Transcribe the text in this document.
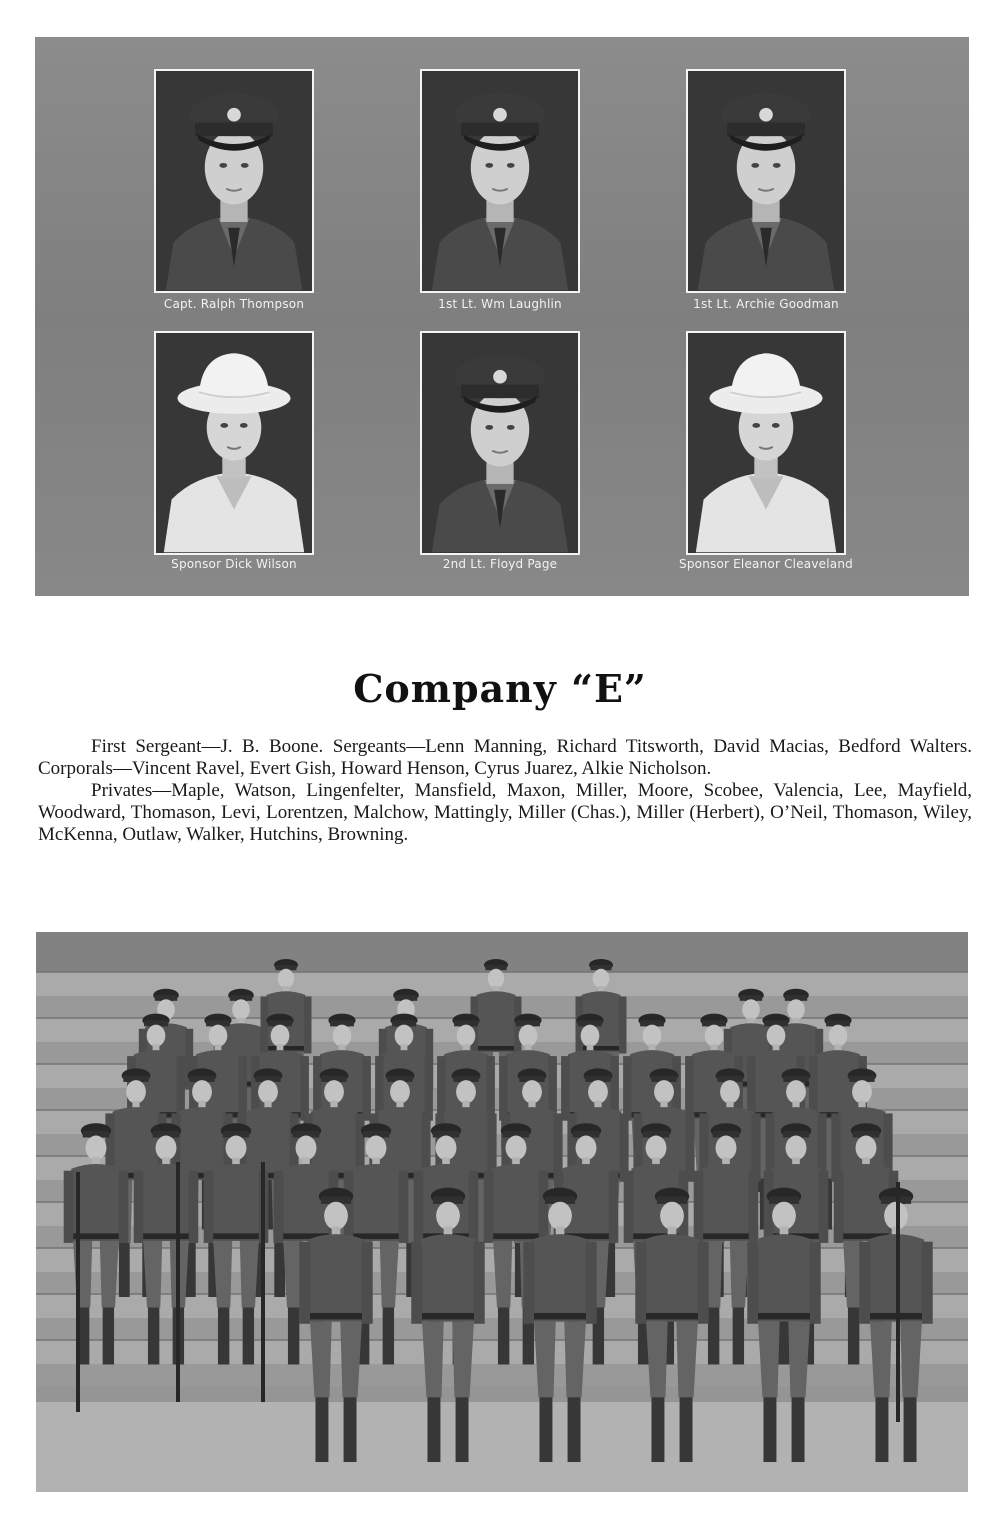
Capt. Ralph Thompson	1st Lt. Wm Laughlin	1st Lt. Archie Goodman
Sponsor Dick Wilson	2nd Lt. Floyd Page	Sponsor Eleanor Cleaveland
Company “E”

First Sergeant—J. B. Boone. Sergeants—Lenn Manning, Richard Titsworth, David Macias, Bedford Walters. Corporals—Vincent Ravel, Evert Gish, Howard Henson, Cyrus Juarez, Alkie Nicholson.

Privates—Maple, Watson, Lingenfelter, Mansfield, Maxon, Miller, Moore, Scobee, Valencia, Lee, Mayfield, Woodward, Thomason, Levi, Lorentzen, Malchow, Mattingly, Miller (Chas.), Miller (Herbert), O’Neil, Thomason, Wiley, McKenna, Outlaw, Walker, Hutchins, Browning.
